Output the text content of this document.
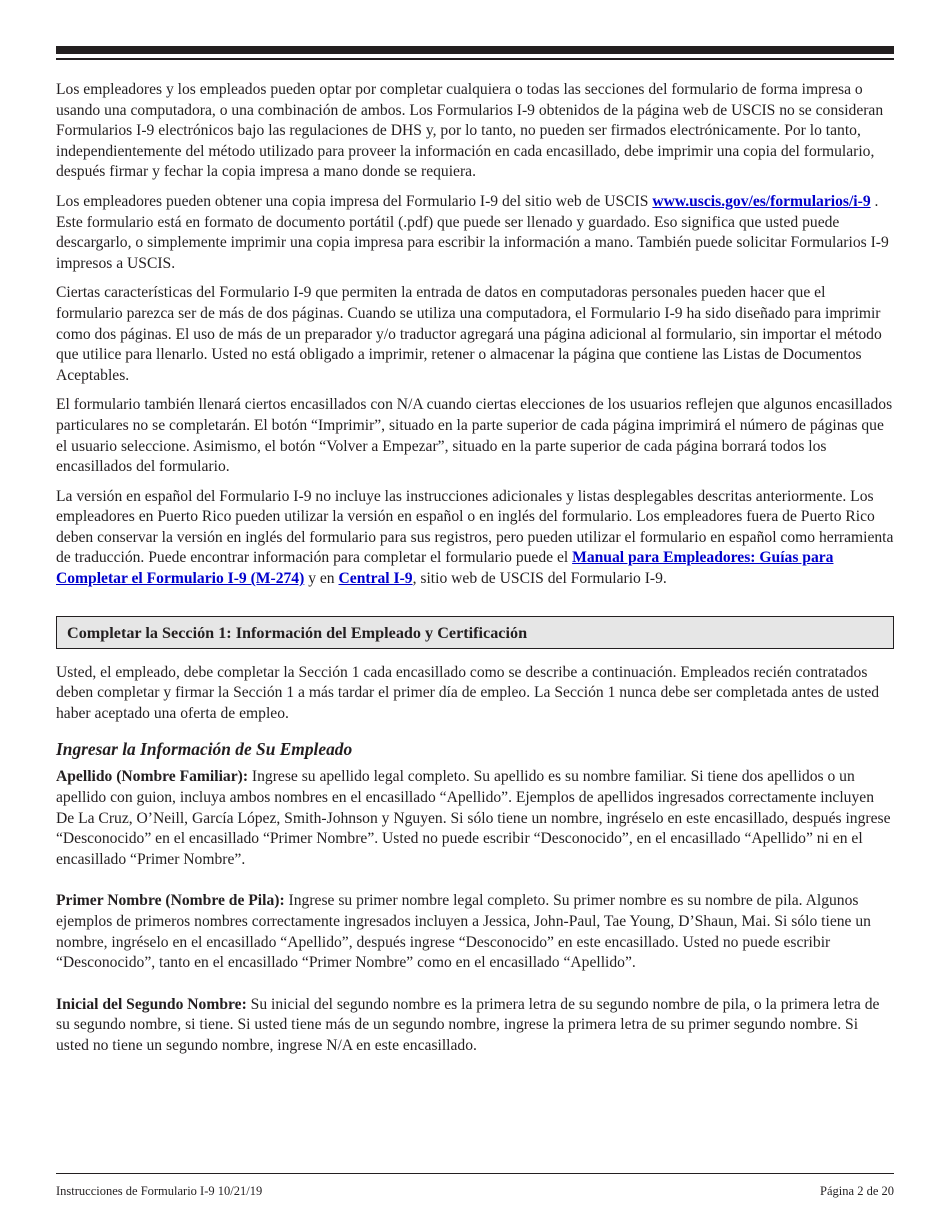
Los empleadores y los empleados pueden optar por completar cualquiera o todas las secciones del formulario de forma impresa o usando una computadora, o una combinación de ambos. Los Formularios I-9 obtenidos de la página web de USCIS no se consideran Formularios I-9 electrónicos bajo las regulaciones de DHS y, por lo tanto, no pueden ser firmados electrónicamente. Por lo tanto, independientemente del método utilizado para proveer la información en cada encasillado, debe imprimir una copia del formulario, después firmar y fechar la copia impresa a mano donde se requiera.

Los empleadores pueden obtener una copia impresa del Formulario I-9 del sitio web de USCIS www.uscis.gov/es/formularios/i-9 . Este formulario está en formato de documento portátil (.pdf) que puede ser llenado y guardado. Eso significa que usted puede descargarlo, o simplemente imprimir una copia impresa para escribir la información a mano. También puede solicitar Formularios I-9 impresos a USCIS.

Ciertas características del Formulario I-9 que permiten la entrada de datos en computadoras personales pueden hacer que el formulario parezca ser de más de dos páginas. Cuando se utiliza una computadora, el Formulario I-9 ha sido diseñado para imprimir como dos páginas. El uso de más de un preparador y/o traductor agregará una página adicional al formulario, sin importar el método que utilice para llenarlo. Usted no está obligado a imprimir, retener o almacenar la página que contiene las Listas de Documentos Aceptables.

El formulario también llenará ciertos encasillados con N/A cuando ciertas elecciones de los usuarios reflejen que algunos encasillados particulares no se completarán. El botón “Imprimir”, situado en la parte superior de cada página imprimirá el número de páginas que el usuario seleccione. Asimismo, el botón “Volver a Empezar”, situado en la parte superior de cada página borrará todos los encasillados del formulario.

La versión en español del Formulario I-9 no incluye las instrucciones adicionales y listas desplegables descritas anteriormente. Los empleadores en Puerto Rico pueden utilizar la versión en español o en inglés del formulario. Los empleadores fuera de Puerto Rico deben conservar la versión en inglés del formulario para sus registros, pero pueden utilizar el formulario en español como herramienta de traducción. Puede encontrar información para completar el formulario puede el Manual para Empleadores: Guías para Completar el Formulario I-9 (M-274) y en Central I-9, sitio web de USCIS del Formulario I-9.

Completar la Sección 1: Información del Empleado y Certificación

Usted, el empleado, debe completar la Sección 1 cada encasillado como se describe a continuación. Empleados recién contratados deben completar y firmar la Sección 1 a más tardar el primer día de empleo. La Sección 1 nunca debe ser completada antes de usted haber aceptado una oferta de empleo.

Ingresar la Información de Su Empleado

Apellido (Nombre Familiar): Ingrese su apellido legal completo. Su apellido es su nombre familiar. Si tiene dos apellidos o un apellido con guion, incluya ambos nombres en el encasillado “Apellido”. Ejemplos de apellidos ingresados correctamente incluyen De La Cruz, O’Neill, García López, Smith-Johnson y Nguyen. Si sólo tiene un nombre, ingréselo en este encasillado, después ingrese “Desconocido” en el encasillado “Primer Nombre”. Usted no puede escribir “Desconocido”, en el encasillado “Apellido” ni en el encasillado “Primer Nombre”.

Primer Nombre (Nombre de Pila): Ingrese su primer nombre legal completo. Su primer nombre es su nombre de pila. Algunos ejemplos de primeros nombres correctamente ingresados incluyen a Jessica, John-Paul, Tae Young, D’Shaun, Mai. Si sólo tiene un nombre, ingréselo en el encasillado “Apellido”, después ingrese “Desconocido” en este encasillado. Usted no puede escribir “Desconocido”, tanto en el encasillado “Primer Nombre” como en el encasillado “Apellido”.

Inicial del Segundo Nombre: Su inicial del segundo nombre es la primera letra de su segundo nombre de pila, o la primera letra de su segundo nombre, si tiene. Si usted tiene más de un segundo nombre, ingrese la primera letra de su primer segundo nombre. Si usted no tiene un segundo nombre, ingrese N/A en este encasillado.

Instrucciones de Formulario I-9 10/21/19	Página 2 de 20
